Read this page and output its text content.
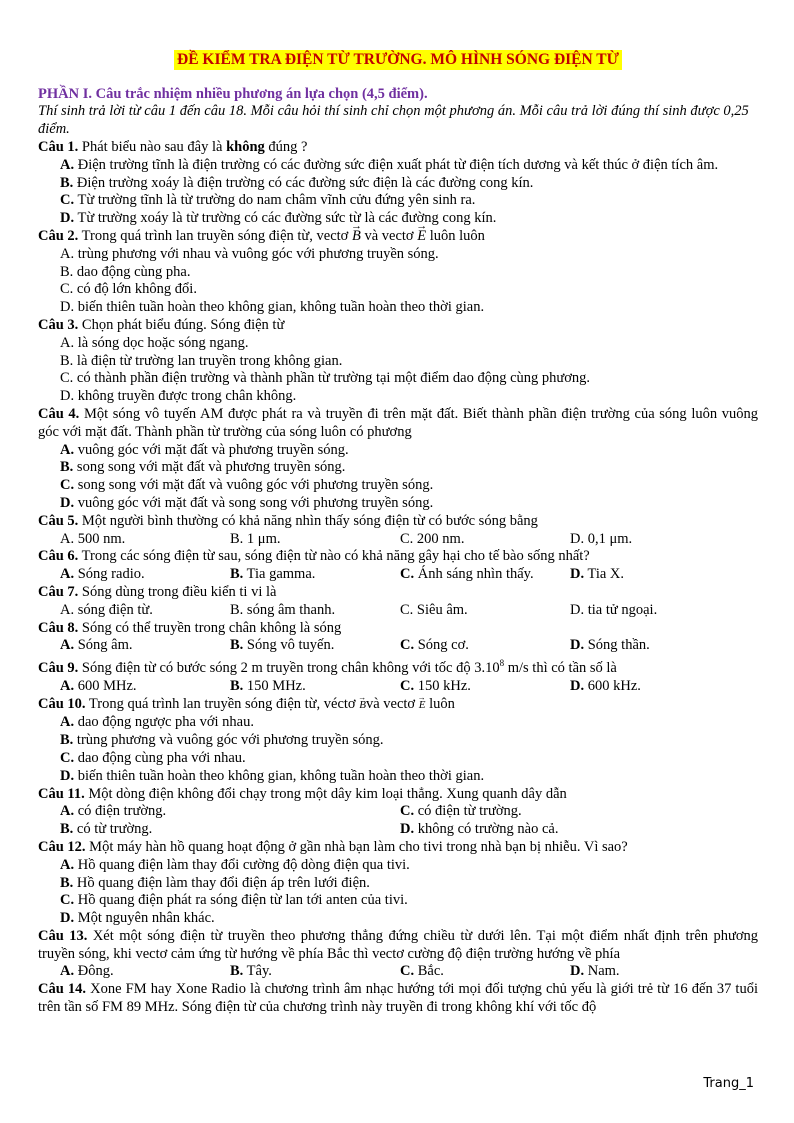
ĐỀ KIỂM TRA ĐIỆN TỪ TRƯỜNG. MÔ HÌNH SÓNG ĐIỆN TỪ
PHẦN I. Câu trắc nhiệm nhiều phương án lựa chọn (4,5 điểm).
Thí sinh trả lời từ câu 1 đến câu 18. Mỗi câu hỏi thí sinh chỉ chọn một phương án. Mỗi câu trả lời đúng thí sinh được 0,25 điểm.
Câu 1. Phát biểu nào sau đây là không đúng ?
A. Điện trường tĩnh là điện trường có các đường sức điện xuất phát từ điện tích dương và kết thúc ở điện tích âm.
B. Điện trường xoáy là điện trường có các đường sức điện là các đường cong kín.
C. Từ trường tĩnh là từ trường do nam châm vĩnh cửu đứng yên sinh ra.
D. Từ trường xoáy là từ trường có các đường sức từ là các đường cong kín.
Câu 2. Trong quá trình lan truyền sóng điện từ, vectơ → B và vectơ → E luôn luôn
A. trùng phương với nhau và vuông góc với phương truyền sóng.
B. dao động cùng pha.
C. có độ lớn không đổi.
D. biến thiên tuần hoàn theo không gian, không tuần hoàn theo thời gian.
Câu 3. Chọn phát biểu đúng. Sóng điện từ
A. là sóng dọc hoặc sóng ngang.
B. là điện từ trường lan truyền trong không gian.
C. có thành phần điện trường và thành phần từ trường tại một điểm dao động cùng phương.
D. không truyền được trong chân không.
Câu 4. Một sóng vô tuyến AM được phát ra và truyền đi trên mặt đất. Biết thành phần điện trường của sóng luôn vuông góc với mặt đất. Thành phần từ trường của sóng luôn có phương
A. vuông góc với mặt đất và phương truyền sóng.
B. song song với mặt đất và phương truyền sóng.
C. song song với mặt đất và vuông góc với phương truyền sóng.
D. vuông góc với mặt đất và song song với phương truyền sóng.
Câu 5. Một người bình thường có khả năng nhìn thấy sóng điện từ có bước sóng bằng
A. 500 nm.	B. 1 μm.	C. 200 nm.	D. 0,1 μm.
Câu 6. Trong các sóng điện từ sau, sóng điện từ nào có khả năng gây hại cho tế bào sống nhất?
A. Sóng radio.	B. Tia gamma.	C. Ánh sáng nhìn thấy.	D. Tia X.
Câu 7. Sóng dùng trong điều kiển ti vi là
A. sóng điện từ.	B. sóng âm thanh.	C. Siêu âm.	D. tia tử ngoại.
Câu 8. Sóng có thể truyền trong chân không là sóng
A. Sóng âm.	B. Sóng vô tuyến.	C. Sóng cơ.	D. Sóng thần.
Câu 9. Sóng điện từ có bước sóng 2 m truyền trong chân không với tốc độ 3.10$^8$ m/s thì có tần số là
A. 600 MHz.	B. 150 MHz.	C. 150 kHz.	D. 600 kHz.
Câu 10. Trong quá trình lan truyền sóng điện từ, véctơ → Bvà vectơ → E luôn
A. dao động ngược pha với nhau.
B. trùng phương và vuông góc với phương truyền sóng.
C. dao động cùng pha với nhau.
D. biến thiên tuần hoàn theo không gian, không tuần hoàn theo thời gian.
Câu 11. Một dòng điện không đổi chạy trong một dây kim loại thẳng. Xung quanh dây dẫn
A. có điện trường.	C. có điện từ trường.
B. có từ trường.	D. không có trường nào cả.
Câu 12. Một máy hàn hồ quang hoạt động ở gần nhà bạn làm cho tivi trong nhà bạn bị nhiễu. Vì sao?
A. Hồ quang điện làm thay đổi cường độ dòng điện qua tivi.
B. Hồ quang điện làm thay đổi điện áp trên lưới điện.
C. Hồ quang điện phát ra sóng điện từ lan tới anten của tivi.
D. Một nguyên nhân khác.
Câu 13. Xét một sóng điện từ truyền theo phương thẳng đứng chiều từ dưới lên. Tại một điểm nhất định trên phương truyền sóng, khi vectơ cảm ứng từ hướng về phía Bắc thì vectơ cường độ điện trường hướng về phía
A. Đông.	B. Tây.	C. Bắc.	D. Nam.
Câu 14. Xone FM hay Xone Radio là chương trình âm nhạc hướng tới mọi đối tượng chủ yếu là giới trẻ từ 16 đến 37 tuổi trên tần số FM 89 MHz. Sóng điện từ của chương trình này truyền đi trong không khí với tốc độ
Trang_1
